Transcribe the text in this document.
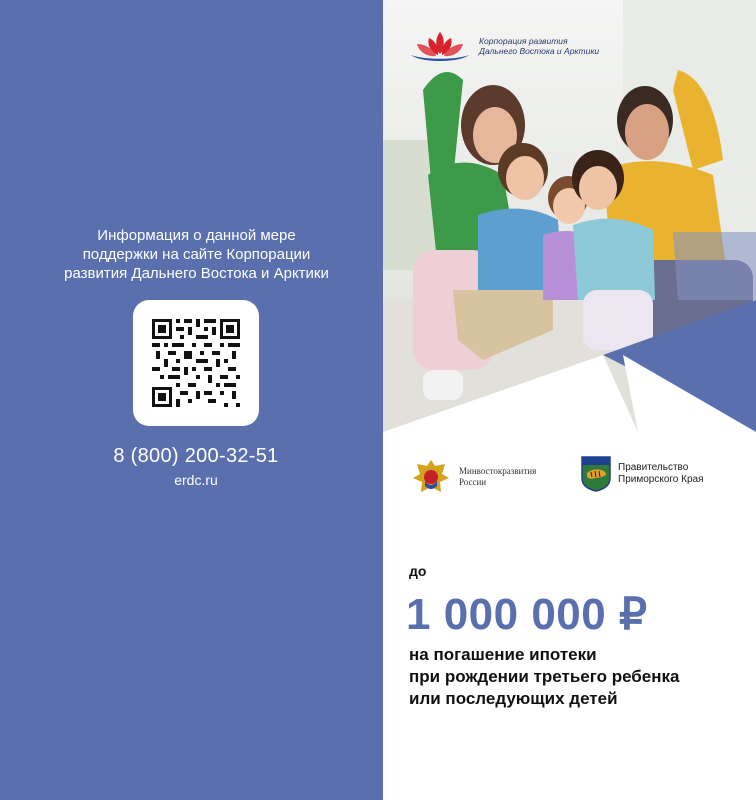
Информация о данной мере
поддержки на сайте Корпорации
развития Дальнего Востока и Арктики
8 (800) 200-32-51
erdc.ru
Корпорация развития
Дальнего Востока и Арктики
Минвостокразвития
России
Правительство
Приморского Края
до
1 000 000 ₽
на погашение ипотеки
при рождении третьего ребенка
или последующих детей
